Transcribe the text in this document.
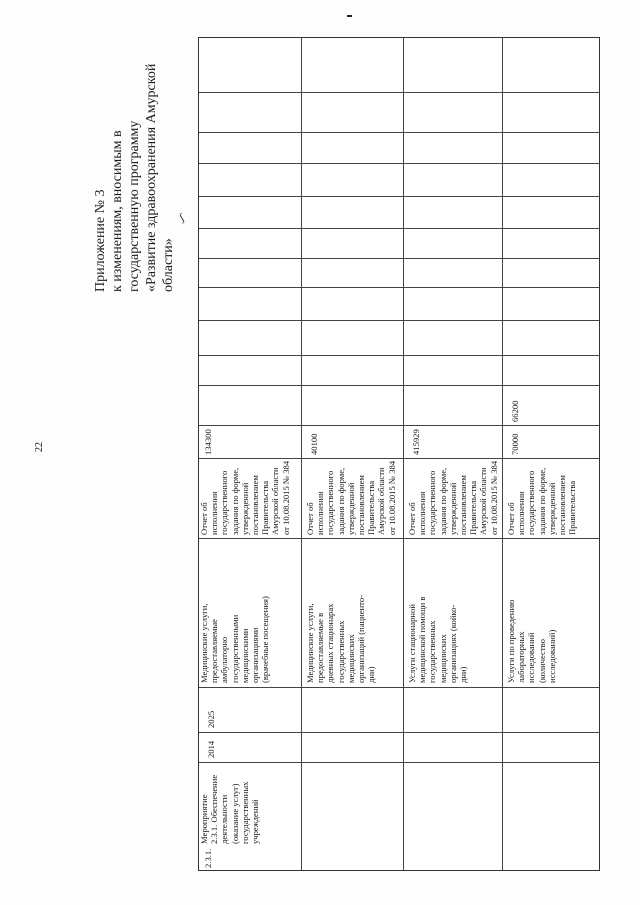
22
Приложение № 3 к изменениям, вносимым в государственную программу «Развитие здравоохранения Амурской области»
ʃ
2.3.1.
Мероприятие 2.3.1. Обеспечение деятельности (оказание услуг) государственных учреждений
2014
2025
Медицинские услуги, предоставляемые амбулаторно государственными медицинскими организациями (врачебные посещения)
Отчет об исполнении государственного задания по форме, утвержденной постановлением Правительства Амурской области от 10.08.2015 № 384
134300
Медицинские услуги, предоставляемые в дневных стационарах государственных медицинских организаций (пациенто- дни)
Отчет об исполнении государственного задания по форме, утвержденной постановлением Правительства Амурской области от 10.08.2015 № 384
40100
Услуги стационарной медицинской помощи в государственных медицинских организациях (койко- дни)
Отчет об исполнении государственного задания по форме, утвержденной постановлением Правительства Амурской области от 10.08.2015 № 384
415929
Услуги по проведению лабораторных исследований (количество исследований)
Отчет об исполнении государственного задания по форме, утвержденной постановлением Правительства
70000
66200
